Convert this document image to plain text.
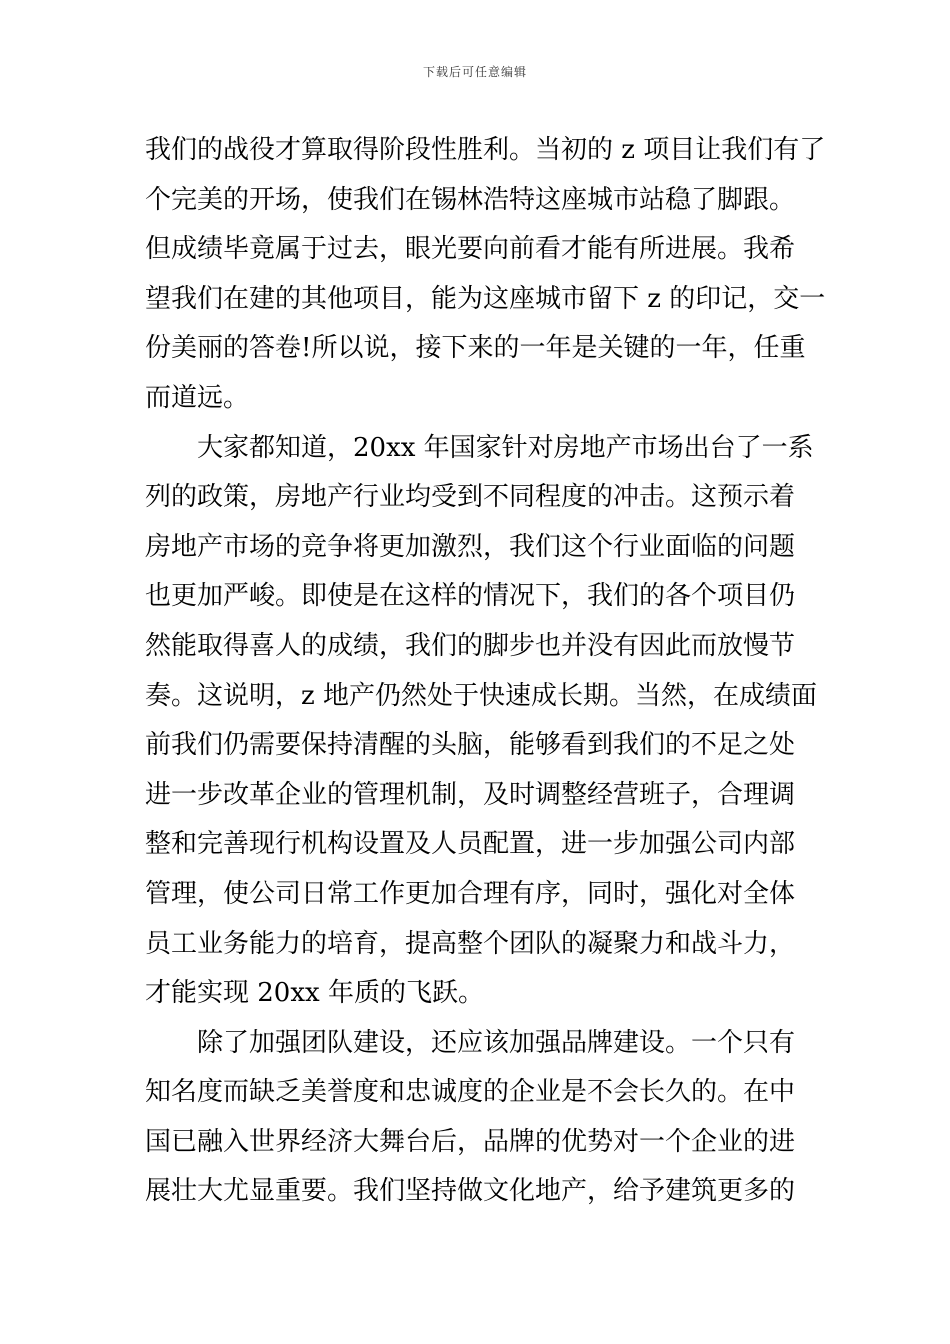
下载后可任意编辑
我们的战役才算取得阶段性胜利。当初的 z 项目让我们有了
个完美的开场，使我们在锡林浩特这座城市站稳了脚跟。
但成绩毕竟属于过去，眼光要向前看才能有所进展。我希
望我们在建的其他项目，能为这座城市留下 z 的印记，交一
份美丽的答卷!所以说，接下来的一年是关键的一年，任重
而道远。
大家都知道，20xx 年国家针对房地产市场出台了一系
列的政策，房地产行业均受到不同程度的冲击。这预示着
房地产市场的竞争将更加激烈，我们这个行业面临的问题
也更加严峻。即使是在这样的情况下，我们的各个项目仍
然能取得喜人的成绩，我们的脚步也并没有因此而放慢节
奏。这说明，z 地产仍然处于快速成长期。当然，在成绩面
前我们仍需要保持清醒的头脑，能够看到我们的不足之处
进一步改革企业的管理机制，及时调整经营班子，合理调
整和完善现行机构设置及人员配置，进一步加强公司内部
管理，使公司日常工作更加合理有序，同时，强化对全体
员工业务能力的培育，提高整个团队的凝聚力和战斗力，
才能实现 20xx 年质的飞跃。
除了加强团队建设，还应该加强品牌建设。一个只有
知名度而缺乏美誉度和忠诚度的企业是不会长久的。在中
国已融入世界经济大舞台后，品牌的优势对一个企业的进
展壮大尤显重要。我们坚持做文化地产，给予建筑更多的
